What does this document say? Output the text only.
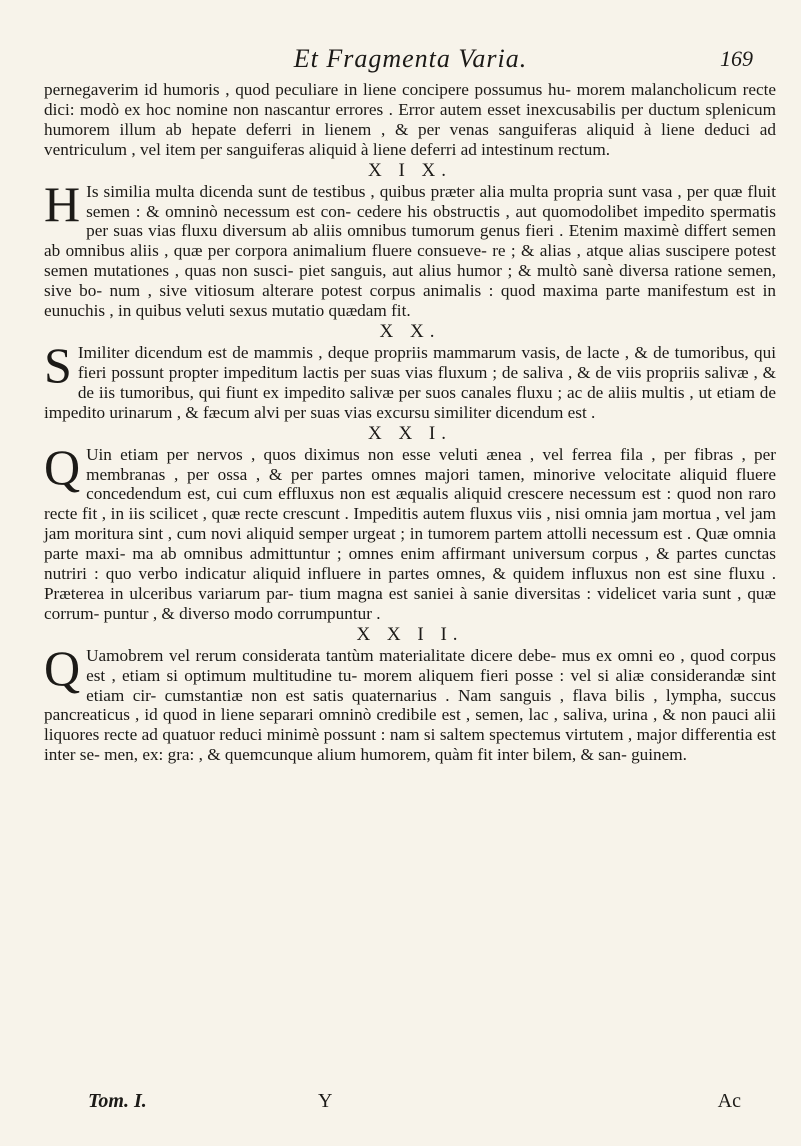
Et Fragmenta Varia.	169

pernegaverim id humoris , quod peculiare in liene concipere possumus hu- morem malancholicum recte dici: modò ex hoc nomine non nascantur errores . Error autem esset inexcusabilis per ductum splenicum humorem illum ab hepate deferri in lienem , & per venas sanguiferas aliquid à liene deduci ad ventriculum , vel item per sanguiferas aliquid à liene deferri ad intestinum rectum.

X I X.

H Is similia multa dicenda sunt de testibus , quibus præter alia multa propria sunt vasa , per quæ fluit semen : & omninò necessum est con- cedere his obstructis , aut quomodolibet impedito spermatis per suas vias fluxu diversum ab aliis omnibus tumorum genus fieri . Etenim maximè differt semen ab omnibus aliis , quæ per corpora animalium fluere consueve- re ; & alias , atque alias suscipere potest semen mutationes , quas non susci- piet sanguis, aut alius humor ; & multò sanè diversa ratione semen, sive bo- num , sive vitiosum alterare potest corpus animalis : quod maxima parte manifestum est in eunuchis , in quibus veluti sexus mutatio quædam fit.

X X.

S Imiliter dicendum est de mammis , deque propriis mammarum vasis, de lacte , & de tumoribus, qui fieri possunt propter impeditum lactis per suas vias fluxum ; de saliva , & de viis propriis salivæ , & de iis tumoribus, qui fiunt ex impedito salivæ per suos canales fluxu ; ac de aliis multis , ut etiam de impedito urinarum , & fæcum alvi per suas vias excursu similiter dicendum est .

X X I.

Q Uin etiam per nervos , quos diximus non esse veluti ænea , vel ferrea fila , per fibras , per membranas , per ossa , & per partes omnes majori tamen, minorive velocitate aliquid fluere concedendum est, cui cum effluxus non est æqualis aliquid crescere necessum est : quod non raro recte fit , in iis scilicet , quæ recte crescunt . Impeditis autem fluxus viis , nisi omnia jam mortua , vel jam jam moritura sint , cum novi aliquid semper urgeat ; in tumorem partem attolli necessum est . Quæ omnia parte maxi- ma ab omnibus admittuntur ; omnes enim affirmant universum corpus , & partes cunctas nutriri : quo verbo indicatur aliquid influere in partes omnes, & quidem influxus non est sine fluxu . Præterea in ulceribus variarum par- tium magna est saniei à sanie diversitas : videlicet varia sunt , quæ corrum- puntur , & diverso modo corrumpuntur .

X X I I.

Q Uamobrem vel rerum considerata tantùm materialitate dicere debe- mus ex omni eo , quod corpus est , etiam si optimum multitudine tu- morem aliquem fieri posse : vel si aliæ considerandæ sint etiam cir- cumstantiæ non est satis quaternarius . Nam sanguis , flava bilis , lympha, succus pancreaticus , id quod in liene separari omninò credibile est , semen, lac , saliva, urina , & non pauci alii liquores recte ad quatuor reduci minimè possunt : nam si saltem spectemus virtutem , major differentia est inter se- men, ex: gra: , & quemcunque alium humorem, quàm fit inter bilem, & san- guinem.

Tom. I.	Y	Ac
